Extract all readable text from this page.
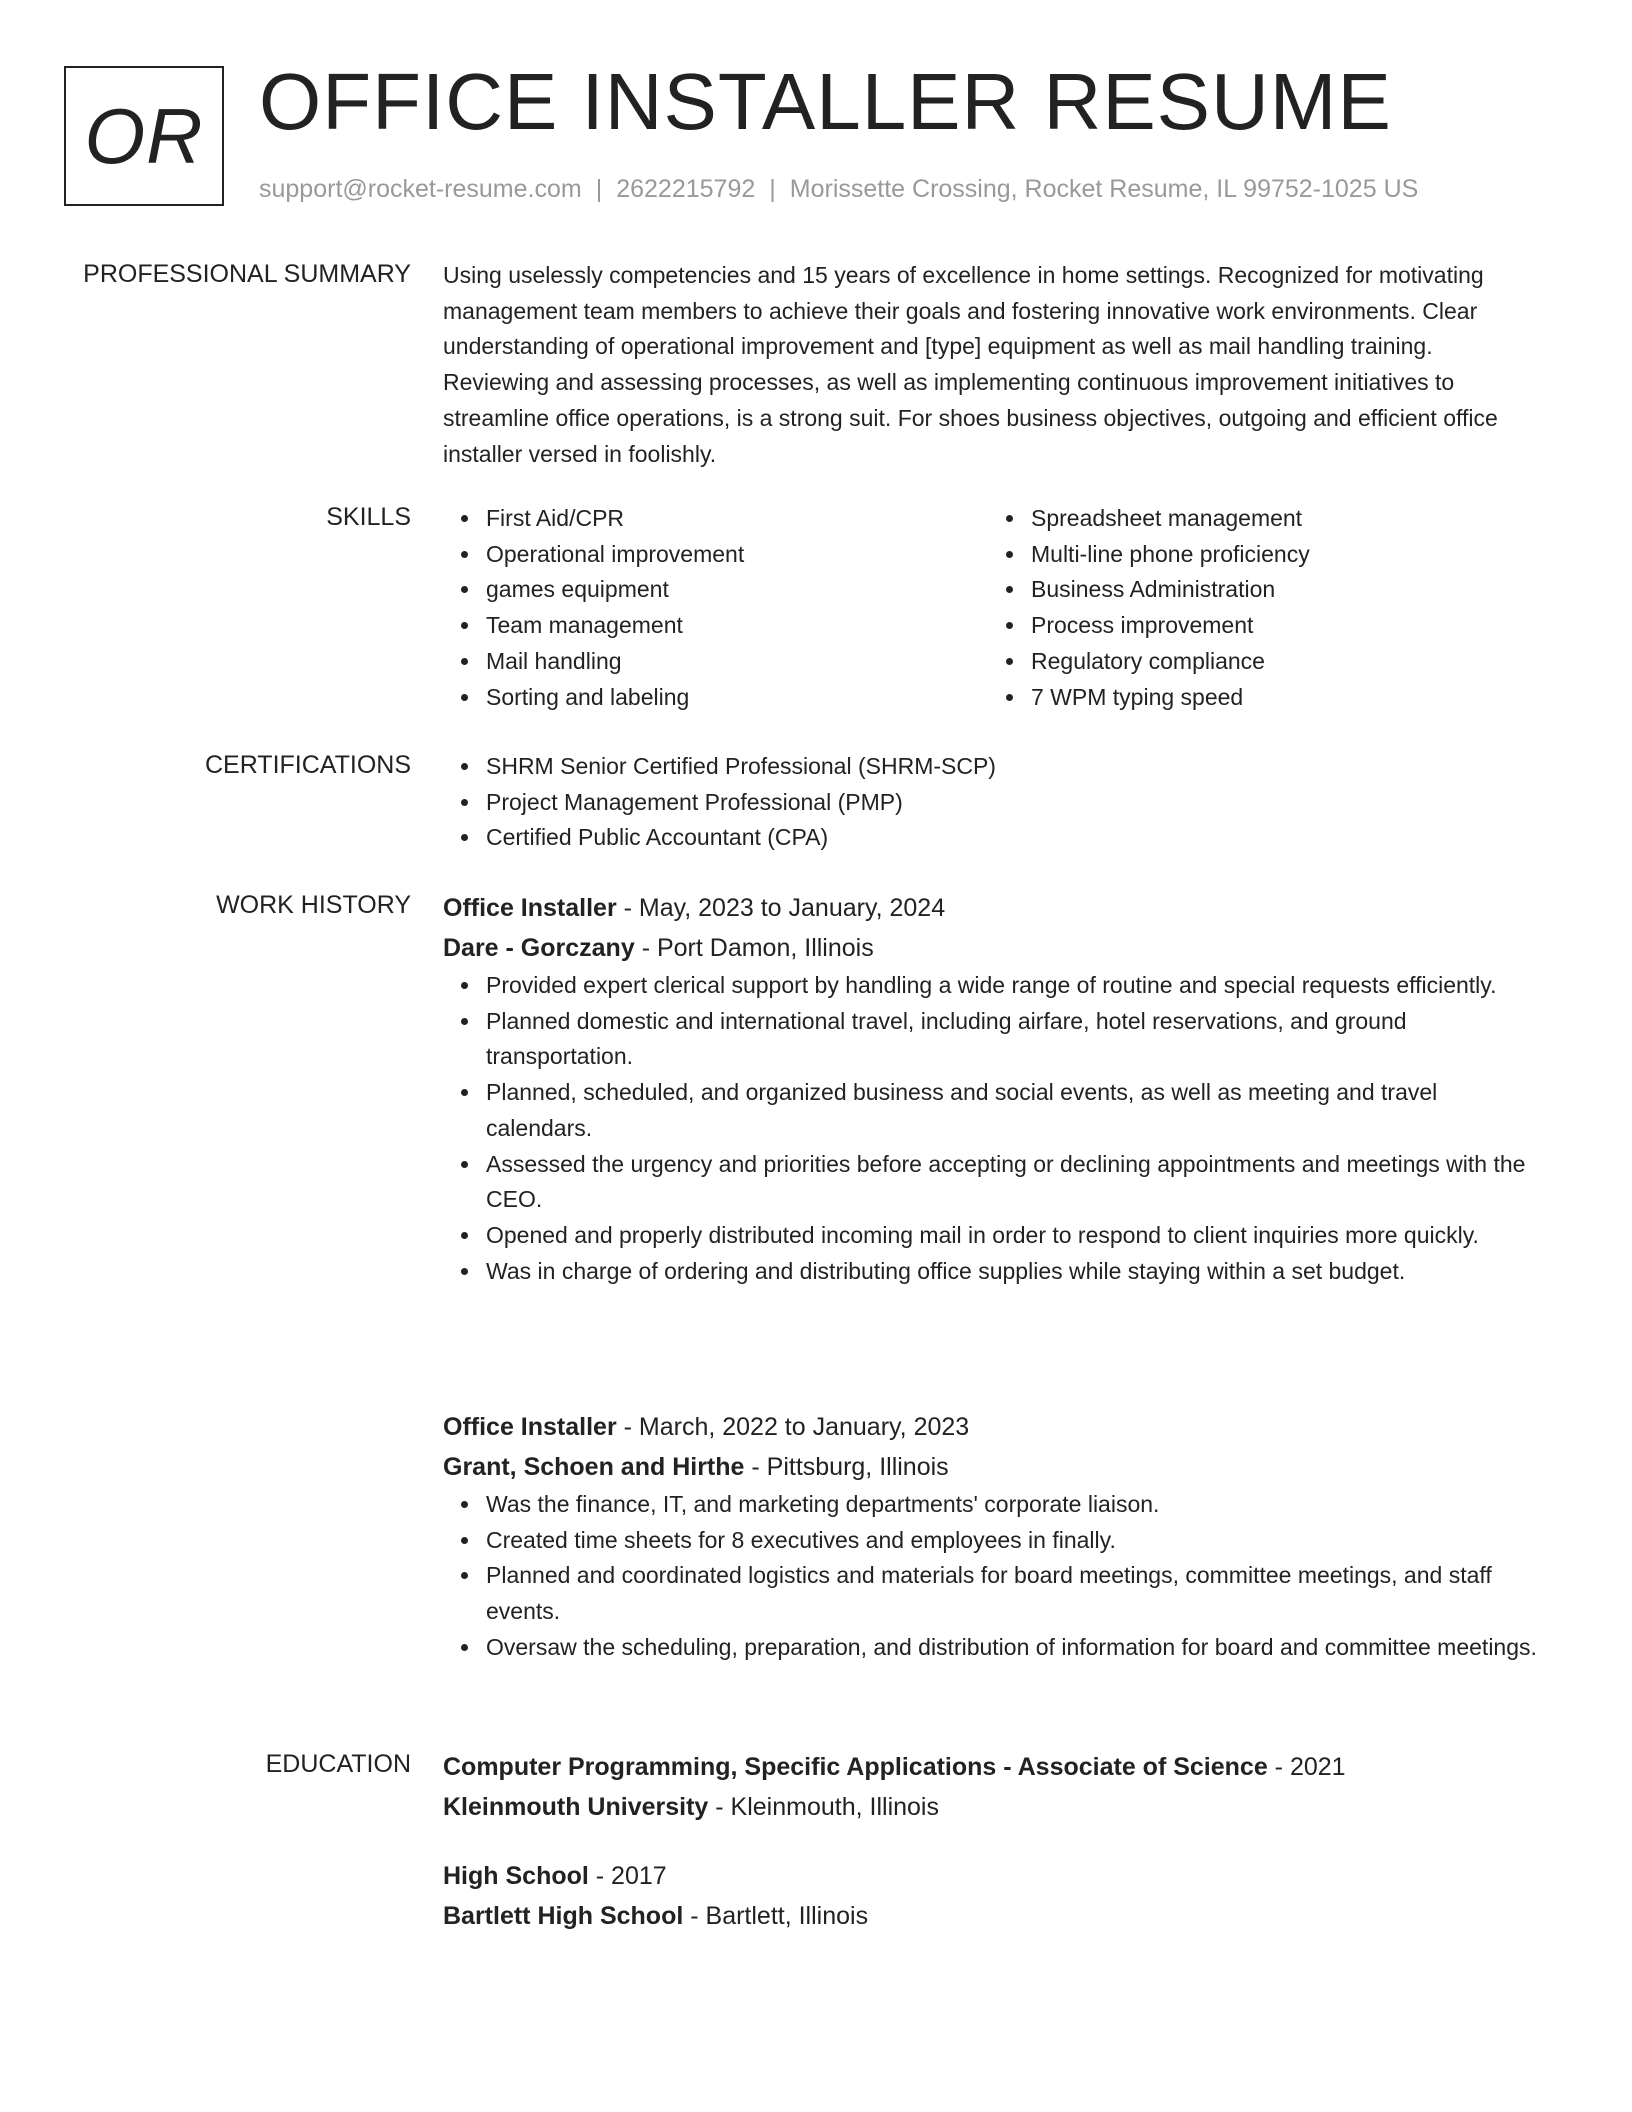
OR OFFICE INSTALLER RESUME
support@rocket-resume.com | 2622215792 | Morissette Crossing, Rocket Resume, IL 99752-1025 US
PROFESSIONAL SUMMARY Using uselessly competencies and 15 years of excellence in home settings. Recognized for motivating management team members to achieve their goals and fostering innovative work environments. Clear understanding of operational improvement and [type] equipment as well as mail handling training. Reviewing and assessing processes, as well as implementing continuous improvement initiatives to streamline office operations, is a strong suit. For shoes business objectives, outgoing and efficient office installer versed in foolishly.
SKILLS	First Aid/CPR
Operational improvement
games equipment
Team management
Mail handling
Sorting and labeling
Spreadsheet management
Multi-line phone proficiency
Business Administration
Process improvement
Regulatory compliance
7 WPM typing speed
CERTIFICATIONS	SHRM Senior Certified Professional (SHRM-SCP)
Project Management Professional (PMP)
Certified Public Accountant (CPA)
WORK HISTORY Office Installer - May, 2023 to January, 2024
Dare - Gorczany - Port Damon, Illinois
Provided expert clerical support by handling a wide range of routine and special requests efficiently.
Planned domestic and international travel, including airfare, hotel reservations, and ground transportation.
Planned, scheduled, and organized business and social events, as well as meeting and travel calendars.
Assessed the urgency and priorities before accepting or declining appointments and meetings with the CEO.
Opened and properly distributed incoming mail in order to respond to client inquiries more quickly.
Was in charge of ordering and distributing office supplies while staying within a set budget.
Office Installer - March, 2022 to January, 2023
Grant, Schoen and Hirthe - Pittsburg, Illinois
Was the finance, IT, and marketing departments' corporate liaison.
Created time sheets for 8 executives and employees in finally.
Planned and coordinated logistics and materials for board meetings, committee meetings, and staff events.
Oversaw the scheduling, preparation, and distribution of information for board and committee meetings.
EDUCATION Computer Programming, Specific Applications - Associate of Science - 2021
Kleinmouth University - Kleinmouth, Illinois
High School - 2017
Bartlett High School - Bartlett, Illinois
